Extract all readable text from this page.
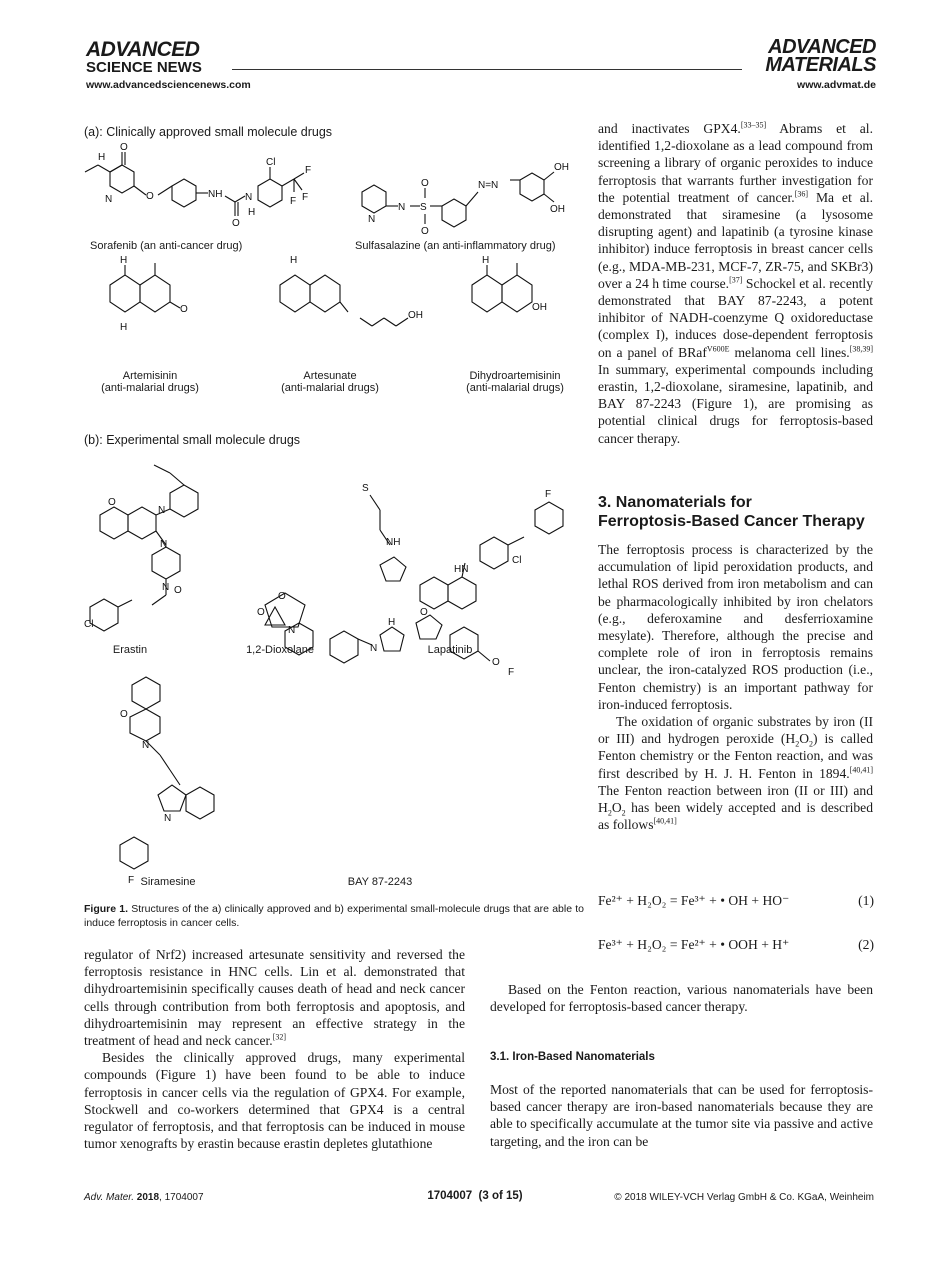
ADVANCED
SCIENCE NEWS
ADVANCED
MATERIALS
www.advancedsciencenews.com	www.advmat.de
(a): Clinically approved small molecule drugs
H
O
N	O	NH
O
N
H
Cl
F
F
F
N
N S
O
O
N=N
OH
OH
H
H
O
H
OH
H
OH
Sorafenib (an anti-cancer drug)	Sulfasalazine (an anti-inflammatory drug)
Artemisinin
(anti-malarial drugs)
Artesunate
(anti-malarial drugs)
Dihydroartemisinin
(anti-malarial drugs)
(b): Experimental small molecule drugs
O
N
N
N O
Cl
O
O
S
NH
HN
Cl
F
O
N
N
F
N
N
H
O
O
F
Erastin	1,2-Dioxolane	Lapatinib
Siramesine	BAY 87-2243
Figure 1. Structures of the a) clinically approved and b) experimental small-molecule drugs that are able to induce ferroptosis in cancer cells.

and inactivates GPX4.[33–35] Abrams et al. identified 1,2-dioxolane as a lead compound from screening a library of organic peroxides to induce ferroptosis that warrants further investigation for the potential treatment of cancer.[36] Ma et al. demonstrated that siramesine (a lysosome disrupting agent) and lapatinib (a tyrosine kinase inhibitor) induce ferroptosis in breast cancer cells (e.g., MDA-MB-231, MCF-7, ZR-75, and SKBr3) over a 24 h time course.[37] Schockel et al. recently demonstrated that BAY 87-2243, a potent inhibitor of NADH-coenzyme Q oxidoreductase (complex I), induces dose-dependent ferroptosis on a panel of BRaf$^{V600E}$ melanoma cell lines.[38,39] In summary, experimental compounds including erastin, 1,2-dioxolane, siramesine, lapatinib, and BAY 87-2243 (Figure 1), are promising as potential clinical drugs for ferroptosis-based cancer therapy.

3. Nanomaterials for
Ferroptosis-Based Cancer Therapy

The ferroptosis process is characterized by the accumulation of lipid peroxidation products, and lethal ROS derived from iron metabolism and can be pharmacologically inhibited by iron chelators (e.g., deferoxamine and desferrioxamine mesylate). Therefore, although the precise and complete role of iron in ferroptosis remains unclear, the iron-catalyzed ROS production (i.e., Fenton chemistry) is an important pathway for iron-induced ferroptosis.

The oxidation of organic substrates by iron (II or III) and hydrogen peroxide $(H_2O_2)$ is called Fenton chemistry or the Fenton reaction, and was first described by H. J. H. Fenton in 1894.[40,41] The Fenton reaction between iron (II or III) and $H_2O_2$ has been widely accepted and is described as follows[40,41]

Fe²⁺ + H₂O₂ = Fe³⁺ + • OH + HO⁻	(1)
Fe³⁺ + H₂O₂ = Fe²⁺ + • OOH + H⁺	(2)

regulator of Nrf2) increased artesunate sensitivity and reversed the ferroptosis resistance in HNC cells. Lin et al. demonstrated that dihydroartemisinin specifically causes death of head and neck cancer cells through contribution from both ferroptosis and apoptosis, and dihydroartemisinin may represent an effective strategy in the treatment of head and neck cancer.[32]

Besides the clinically approved drugs, many experimental compounds (Figure 1) have been found to be able to induce ferroptosis in cancer cells via the regulation of GPX4. For example, Stockwell and co-workers determined that GPX4 is a central regulator of ferroptosis, and that ferroptosis can be induced in mouse tumor xenografts by erastin because erastin depletes glutathione

Based on the Fenton reaction, various nanomaterials have been developed for ferroptosis-based cancer therapy.

3.1. Iron-Based Nanomaterials

Most of the reported nanomaterials that can be used for ferroptosis-based cancer therapy are iron-based nanomaterials because they are able to specifically accumulate at the tumor site via passive and active targeting, and the iron can be

Adv. Mater. 2018, 1704007	1704007  (3 of 15)	© 2018 WILEY-VCH Verlag GmbH & Co. KGaA, Weinheim
